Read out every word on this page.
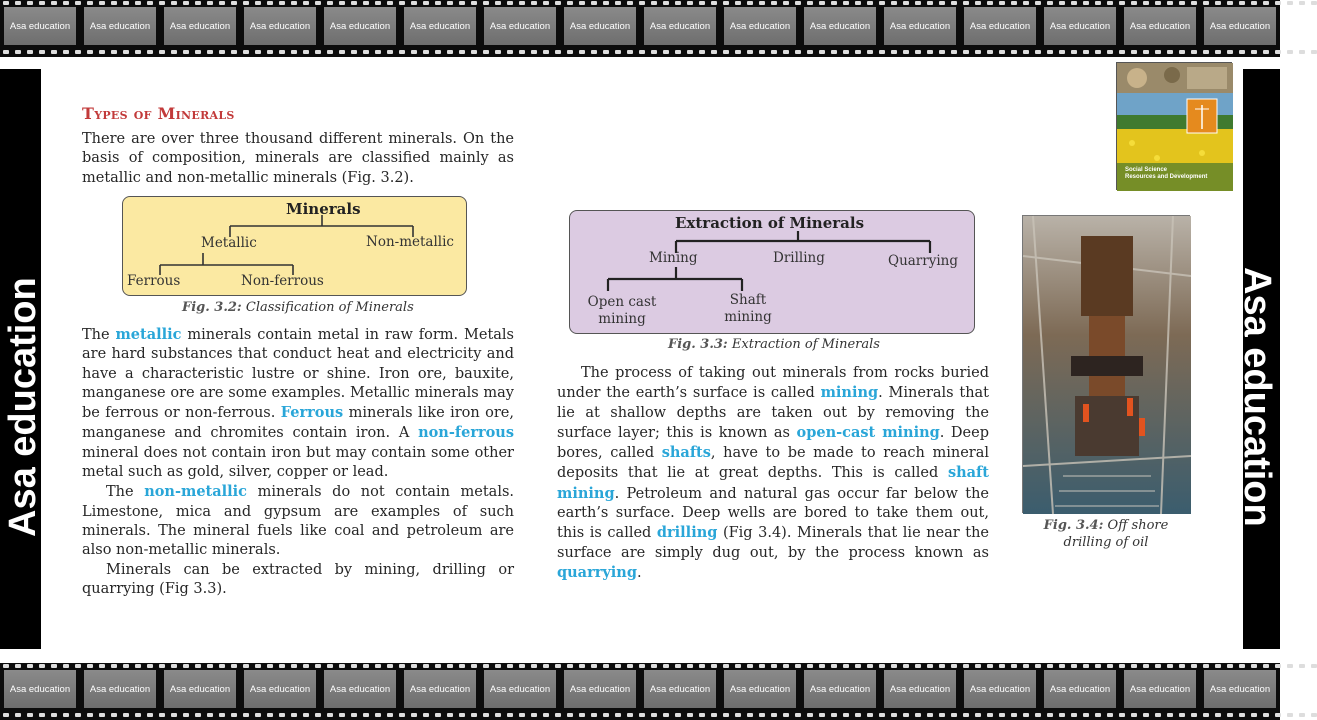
Asa education	Asa education	Asa education	Asa education	Asa education	Asa education	Asa education	Asa education	Asa education	Asa education	Asa education	Asa education	Asa education	Asa education	Asa education	Asa education
Asa education	Asa education	Asa education	Asa education	Asa education	Asa education	Asa education	Asa education	Asa education	Asa education	Asa education	Asa education	Asa education	Asa education	Asa education	Asa education
Asa education	Asa education
Types of Minerals
There are over three thousand different minerals. On the basis of composition, minerals are classified mainly as metallic and non-metallic minerals (Fig. 3.2).
Minerals
Metallic	Non-metallic
Ferrous	Non-ferrous
Fig. 3.2: Classification of Minerals
The metallic minerals contain metal in raw form. Metals are hard substances that conduct heat and electricity and have a characteristic lustre or shine. Iron ore, bauxite, manganese ore are some examples. Metallic minerals may be ferrous or non-ferrous. Ferrous minerals like iron ore, manganese and chromites contain iron. A non-ferrous mineral does not contain iron but may contain some other metal such as gold, silver, copper or lead.
The non-metallic minerals do not contain metals. Limestone, mica and gypsum are examples of such minerals. The mineral fuels like coal and petroleum are also non-metallic minerals.
Minerals can be extracted by mining, drilling or quarrying (Fig 3.3).
Extraction of Minerals
Mining	Drilling	Quarrying
Open cast
mining
Shaft
mining
Fig. 3.3: Extraction of Minerals
The process of taking out minerals from rocks buried under the earth’s surface is called mining. Minerals that lie at shallow depths are taken out by removing the surface layer; this is known as open-cast mining. Deep bores, called shafts, have to be made to reach mineral deposits that lie at great depths. This is called shaft mining. Petroleum and natural gas occur far below the earth’s surface. Deep wells are bored to take them out, this is called drilling (Fig 3.4). Minerals that lie near the surface are simply dug out, by the process known as quarrying.
Social Science
Resources and Development
Fig. 3.4: Off shore
drilling of oil
